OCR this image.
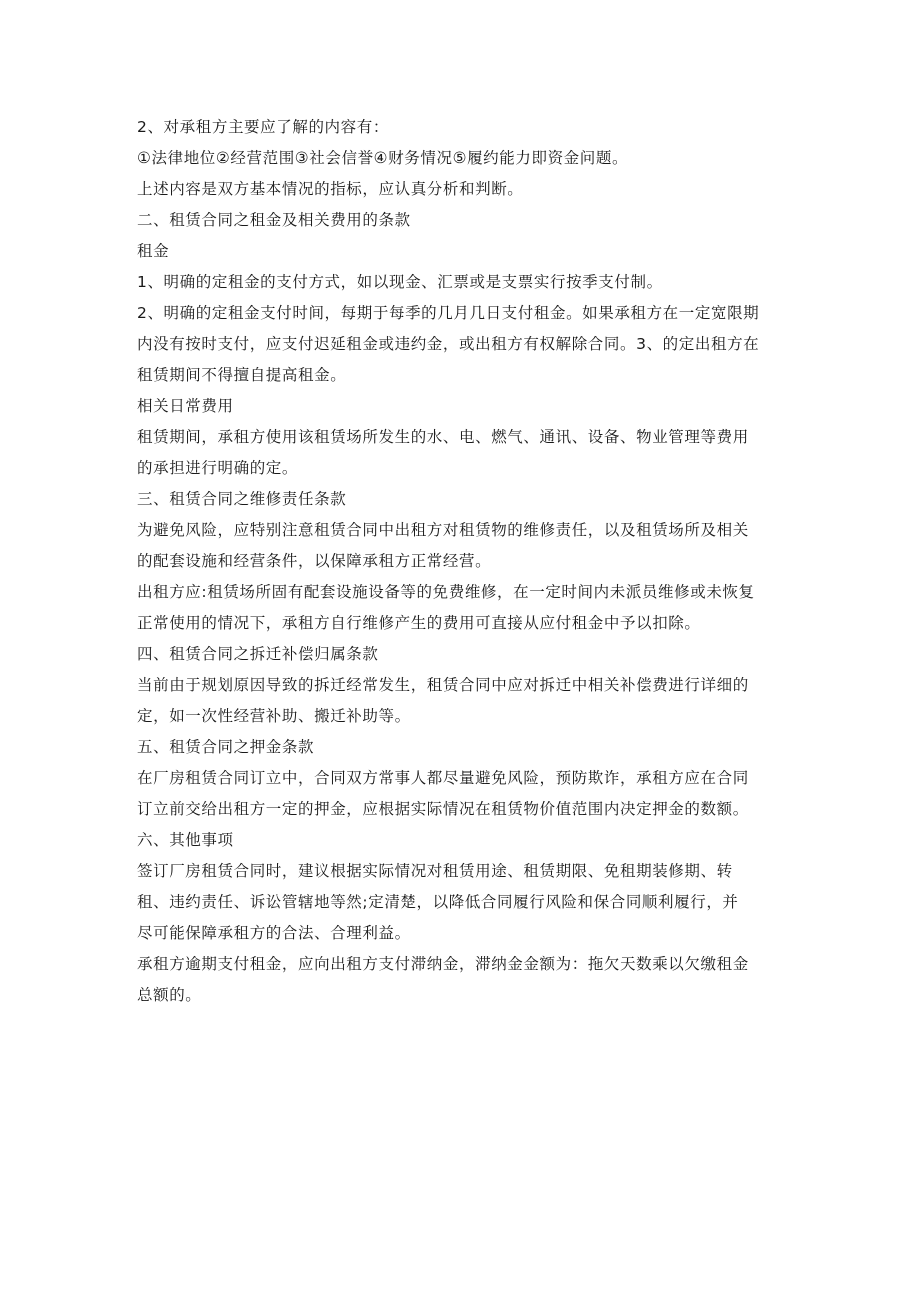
2、对承租方主要应了解的内容有：
①法律地位②经营范围③社会信誉④财务情况⑤履约能力即资金问题。
上述内容是双方基本情况的指标，应认真分析和判断。
二、租赁合同之租金及相关费用的条款
租金
1、明确的定租金的支付方式，如以现金、汇票或是支票实行按季支付制。
2、明确的定租金支付时间，每期于每季的几月几日支付租金。如果承租方在一定宽限期
内没有按时支付，应支付迟延租金或违约金，或出租方有权解除合同。3、的定出租方在
租赁期间不得擅自提高租金。
相关日常费用
租赁期间，承租方使用该租赁场所发生的水、电、燃气、通讯、设备、物业管理等费用
的承担进行明确的定。
三、租赁合同之维修责任条款
为避免风险，应特别注意租赁合同中出租方对租赁物的维修责任，以及租赁场所及相关
的配套设施和经营条件，以保障承租方正常经营。
出租方应:租赁场所固有配套设施设备等的免费维修，在一定时间内未派员维修或未恢复
正常使用的情况下，承租方自行维修产生的费用可直接从应付租金中予以扣除。
四、租赁合同之拆迁补偿归属条款
当前由于规划原因导致的拆迁经常发生，租赁合同中应对拆迁中相关补偿费进行详细的
定，如一次性经营补助、搬迁补助等。
五、租赁合同之押金条款
在厂房租赁合同订立中，合同双方常事人都尽量避免风险，预防欺诈，承租方应在合同
订立前交给出租方一定的押金，应根据实际情况在租赁物价值范围内决定押金的数额。
六、其他事项
签订厂房租赁合同时，建议根据实际情况对租赁用途、租赁期限、免租期装修期、转
租、违约责任、诉讼管辖地等然;定清楚，以降低合同履行风险和保合同顺利履行，并
尽可能保障承租方的合法、合理利益。
承租方逾期支付租金，应向出租方支付滞纳金，滞纳金金额为：拖欠天数乘以欠缴租金
总额的。
